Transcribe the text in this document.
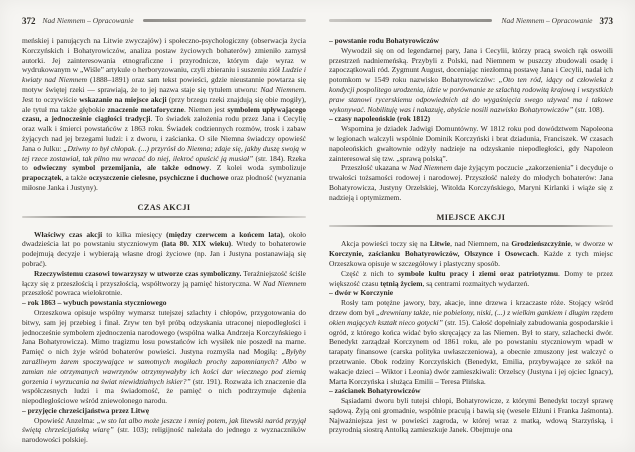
372 Nad Niemnem – Opracowanie

meńskiej i panujących na Litwie zwyczajów) i społeczno-psychologiczny (obserwacja życia Korczyńskich i Bohatyrowiczów, analiza postaw życiowych bohaterów) zmieniło zamysł autorki. Jej zainteresowania etnograficzne i przyrodnicze, którym daje wyraz w wydrukowanym w „Wiśle” artykule o herboryzowaniu, czyli zbieraniu i suszeniu ziół Ludzie i kwiaty nad Niemnem (1888–1891) oraz sam tekst powieści, gdzie nieustannie powtarza się motyw świętej rzeki — sprawiają, że to jej nazwa staje się tytułem utworu: Nad Niemnem. Jest to oczywiście wskazanie na miejsce akcji (przy brzegu rzeki znajdują się obie mogiły), ale tytuł ma także głębokie znaczenie metaforyczne. Niemen jest symbolem upływającego czasu, a jednocześnie ciągłości tradycji. To świadek założenia rodu przez Jana i Cecylię oraz walk i śmierci powstańców z 1863 roku. Świadek codziennych rozmów, trosk i zabaw żyjących nad jej brzegami ludzi: i z dworu, i zaścianka. O sile Niemna świadczy opowieść Jana o Julku: „Dziwny to był chłopak. (...) przyrósł do Niemna; zdaje się, jakby duszę swoją w tej rzece zostawiał, tak pilno mu wracać do niej, ilekroć opuścić ją musiał” (str. 184). Rzeka to odwieczny symbol przemijania, ale także odnowy. Z kolei woda symbolizuje prapoczątek, a także oczyszczenie cielesne, psychiczne i duchowe oraz płodność (wyznania miłosne Janka i Justyny).

CZAS AKCJI

Właściwy czas akcji to kilka miesięcy (między czerwcem a końcem lata), około dwadzieścia lat po powstaniu styczniowym (lata 80. XIX wieku). Wtedy to bohaterowie podejmują decyzje i wybierają własne drogi życiowe (np. Jan i Justyna postanawiają się pobrać).

Rzeczywistemu czasowi towarzyszy w utworze czas symboliczny. Teraźniejszość ściśle łączy się z przeszłością i przyszłością, współtworzy ją pamięć historyczna. W Nad Niemnem przeszłość powraca wielokrotnie.

– rok 1863 – wybuch powstania styczniowego

Orzeszkowa opisuje wspólny wymarsz tutejszej szlachty i chłopów, przygotowania do bitwy, sam jej przebieg i finał. Zryw ten był próbą odzyskania utraconej niepodległości i jednocześnie symbolem zjednoczenia narodowego (wspólna walka Andrzeja Korczyńskiego i Jana Bohatyrowicza). Mimo tragizmu losu powstańców ich wysiłek nie poszedł na marne. Pamięć o nich żyje wśród bohaterów powieści. Justyna rozmyśla nad Mogiłą: „Byłyby zaraźliwym żarem spoczywające w samotnych mogiłach prochy zapomnianych? Albo w zamian nie otrzymanych wawrzynów otrzymywałyby ich kości dar wiecznego pod ziemią gorzenia i wyrzucania na świat niewidzialnych iskier?” (str. 191). Rozważa ich znaczenie dla współczesnych ludzi i ma świadomość, że pamięć o nich podtrzymuje dążenia niepodległościowe wśród zniewolonego narodu.

– przyjęcie chrześcijaństwa przez Litwę

Opowieść Anzelma: „w sto lat albo może jeszcze i mniej potem, jak litewski naród przyjął świętą chrześcijańską wiarę” (str. 103); religijność należała do jednego z wyznaczników narodowości polskiej.

Nad Niemnem – Opracowanie 373

– powstanie rodu Bohatyrowiczów

Wywodził się on od legendarnej pary, Jana i Cecylii, którzy pracą swoich rąk oswoili przestrzeń nadniemeńską. Przybyli z Polski, nad Niemnem w puszczy zbudowali osadę i zapoczątkowali ród. Zygmunt August, doceniając niezłomną postawę Jana i Cecylii, nadał ich potomkom w 1549 roku nazwisko Bohatyrowiczów: „Oto ten ród, idący od człowieka z kondycji pospolitego urodzenia, idzie w porównanie ze szlachtą rodowitą krajową i wszystkich praw stanowi rycerskiemu odpowiednich aż do wygaśnięcia swego używać ma i takowe wykonywać. Nobilituję was i nakazuję, abyście nosili nazwisko Bohatyrowiczów” (str. 108).

– czasy napoleońskie (rok 1812)

Wspomina je dziadek Jadwigi Domuntówny. W 1812 roku pod dowództwem Napoleona w legionach walczyli wspólnie Dominik Korczyński i brat dziadunia, Franciszek. W czasach napoleońskich gwałtownie odżyły nadzieje na odzyskanie niepodległości, gdy Napoleon zainteresował się tzw. „sprawą polską”.

Przeszłość ukazana w Nad Niemnem daje żyjącym poczucie „zakorzenienia” i decyduje o trwałości tożsamości rodowej i narodowej. Przyszłość należy do młodych bohaterów: Jana Bohatyrowicza, Justyny Orzelskiej, Witolda Korczyńskiego, Maryni Kirlanki i wiąże się z nadzieją i optymizmem.

MIEJSCE AKCJI

Akcja powieści toczy się na Litwie, nad Niemnem, na Grodzieńszczyźnie, w dworze w Korczynie, zaścianku Bohatyrowiczów, Olszynce i Osowcach. Każde z tych miejsc Orzeszkowa opisuje w szczegółowy i plastyczny sposób.

Część z nich to symbole kultu pracy i ziemi oraz patriotyzmu. Domy te przez większość czasu tętnią życiem, są centrami rozmaitych wydarzeń.

– dwór w Korczynie

Rosły tam potężne jawory, bzy, akacje, inne drzewa i krzaczaste róże. Stojący wśród drzew dom był „drewniany także, nie pobielony, niski, (...) z wielkim gankiem i długim rzędem okien mających kształt nieco gotycki” (str. 15). Całość dopełniały zabudowania gospodarskie i ogród, z którego końca widać było skręcający za las Niemen. Był to stary, szlachecki dwór. Benedykt zarządzał Korczynem od 1861 roku, ale po powstaniu styczniowym wpadł w tarapaty finansowe (carska polityka uwłaszczeniowa), a obecnie zmuszony jest walczyć o przetrwanie. Obok rodziny Korczyńskich (Benedykt, Emilia, przybywające ze szkół na wakacje dzieci – Wiktor i Leonia) dwór zamieszkiwali: Orzelscy (Justyna i jej ojciec Ignacy), Marta Korczyńska i służąca Emilii – Teresa Plińska.

– zaścianek Bohatyrowiczów

Sąsiadami dworu byli tutejsi chłopi, Bohatyrowicze, z którymi Benedykt toczył sprawę sądową. Żyją oni gromadnie, wspólnie pracują i bawią się (wesele Elżuni i Franka Jaśmonta). Najważniejsza jest w powieści zagroda, w której wraz z matką, wdową Starzyńską, i przyrodnią siostrą Antolką zamieszkuje Janek. Obejmuje ona
